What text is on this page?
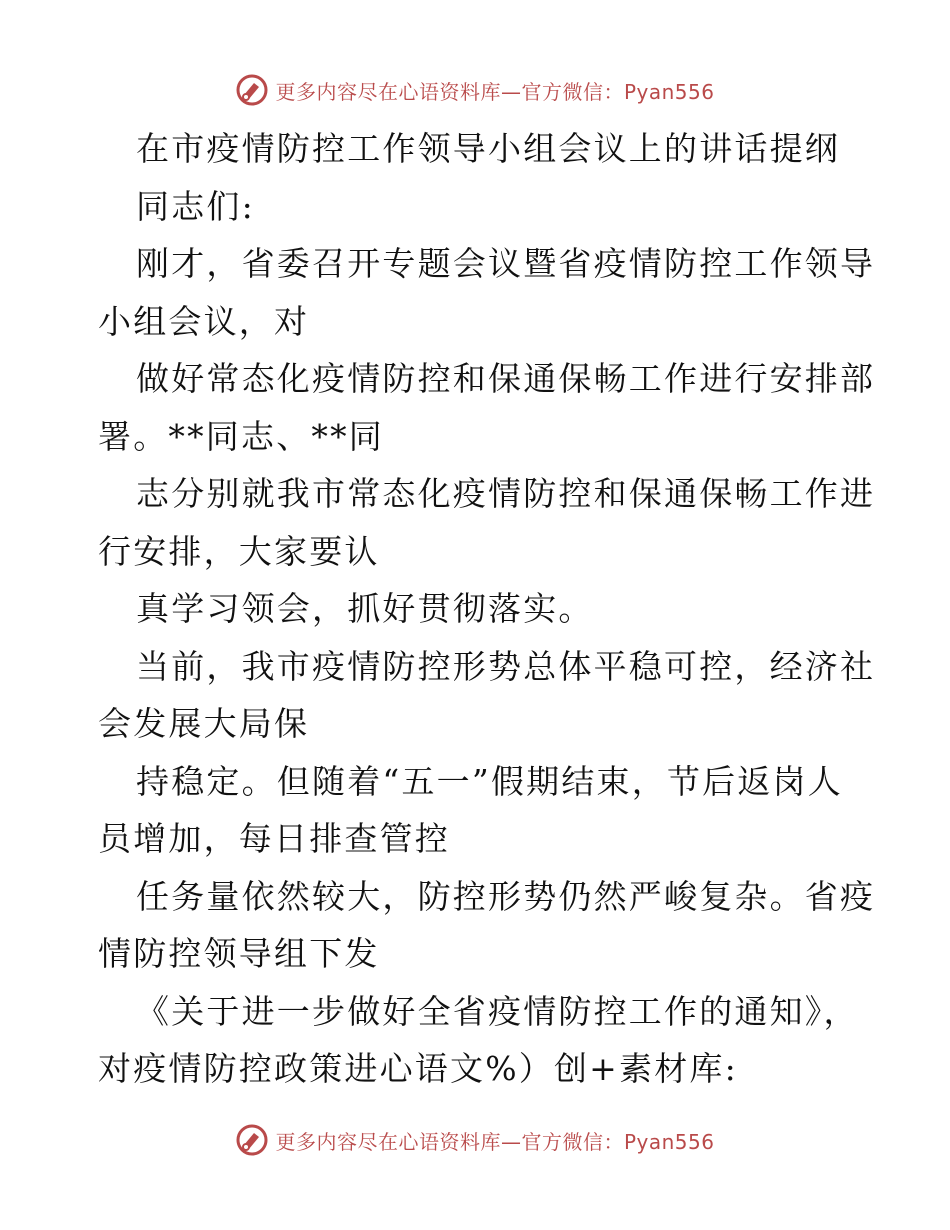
更多内容尽在心语资料库—官方微信：Pyan556
在市疫情防控工作领导小组会议上的讲话提纲
同志们:
刚才，省委召开专题会议暨省疫情防控工作领导
小组会议，对
做好常态化疫情防控和保通保畅工作进行安排部
署。**同志、**同
志分别就我市常态化疫情防控和保通保畅工作进
行安排，大家要认
真学习领会，抓好贯彻落实。
当前，我市疫情防控形势总体平稳可控，经济社
会发展大局保
持稳定。但随着“五一”假期结束，节后返岗人
员增加，每日排查管控
任务量依然较大，防控形势仍然严峻复杂。省疫
情防控领导组下发
《关于进一步做好全省疫情防控工作的通知》，
对疫情防控政策进心语文%）创+素材库:
更多内容尽在心语资料库—官方微信：Pyan556
